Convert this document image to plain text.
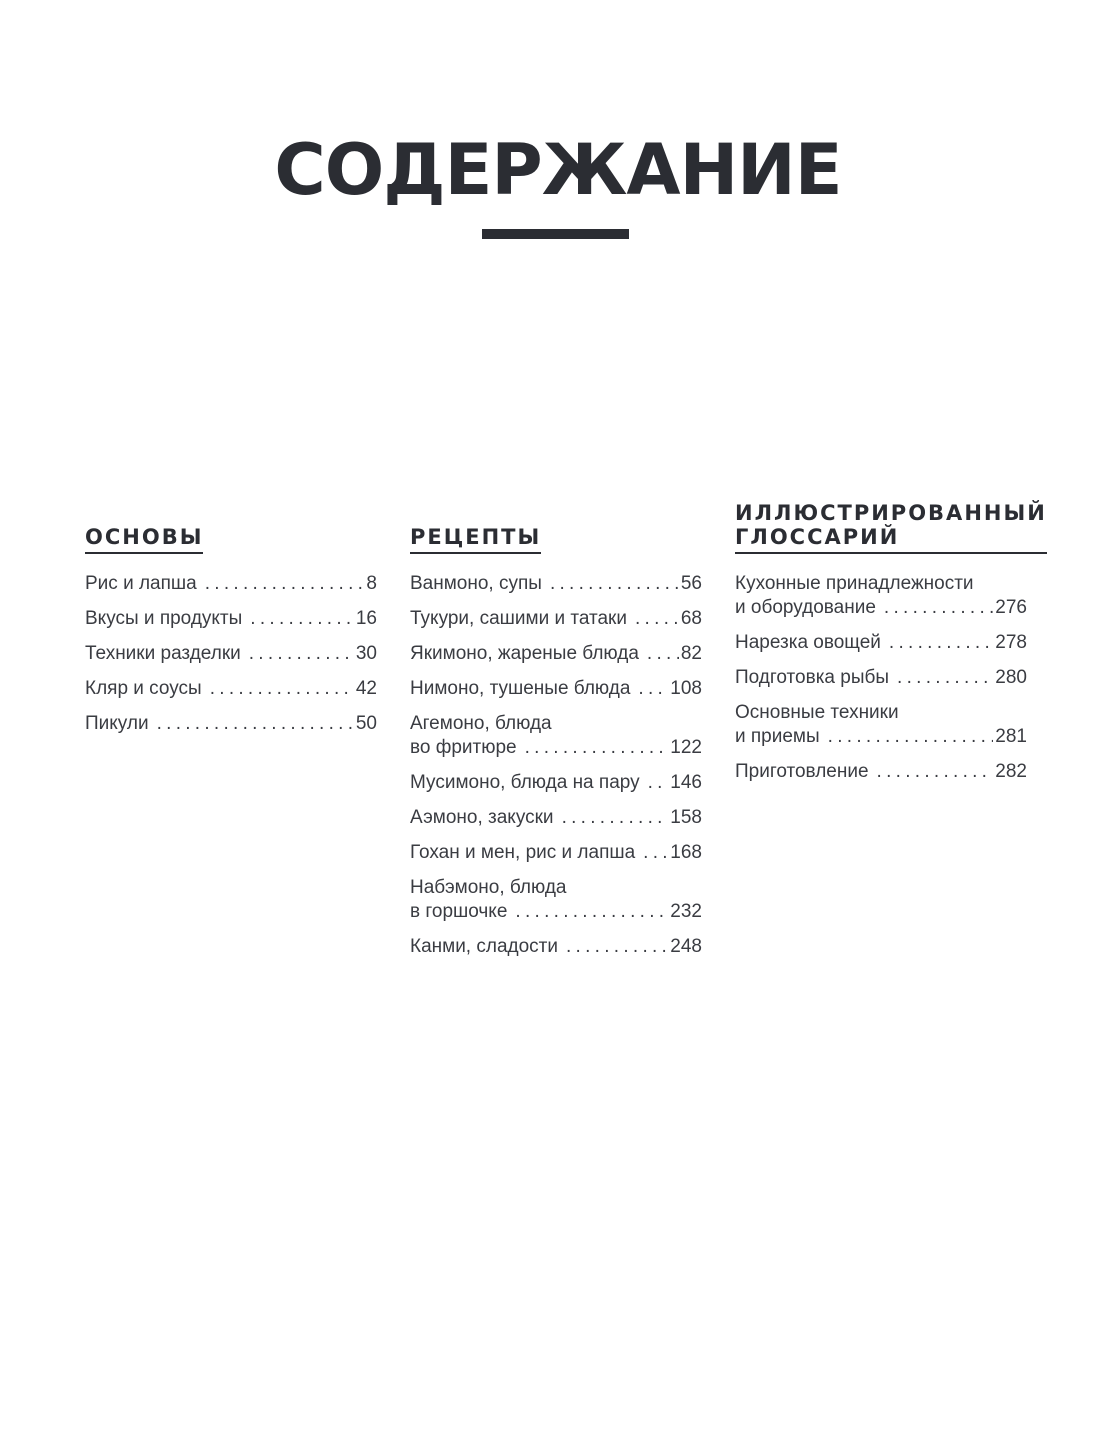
СОДЕРЖАНИЕ
ОСНОВЫ
Рис и лапша . . .	8
Вкусы и продукты . . .	16
Техники разделки . . .	30
Кляр и соусы . . .	42
Пикули . . .	50
РЕЦЕПТЫ
Ванмоно, супы . . .	56
Тукури, сашими и татаки . . .	68
Якимоно, жареные блюда . . . 82
Нимоно, тушеные блюда . . . 108
Агемоно, блюда
во фритюре . . .	122
Мусимоно, блюда на пару . . . 146
Аэмоно, закуски . . .	158
Гохан и мен, рис и лапша . . . 168
Набэмоно, блюда
в горшочке . . .	232
Канми, сладости . . .	248
ИЛЛЮСТРИРОВАННЫЙ
ГЛОССАРИЙ
Кухонные принадлежности
и оборудование . . .	276
Нарезка овощей . . .	278
Подготовка рыбы . . .	280
Основные техники
и приемы . . .	281
Приготовление . . .	282
